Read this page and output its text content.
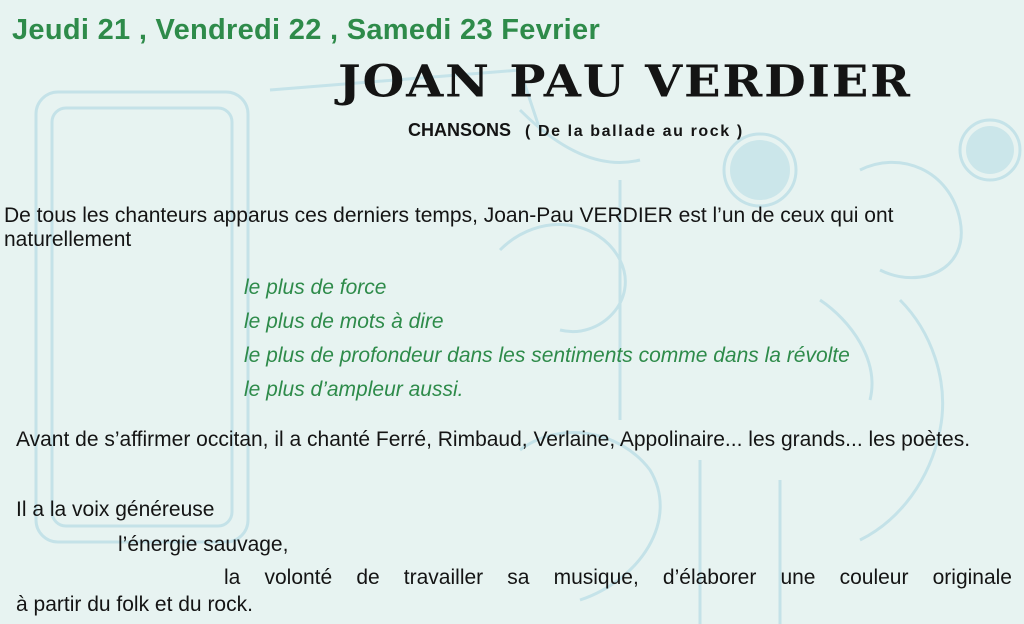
Jeudi 21 , Vendredi 22 , Samedi 23 Fevrier
JOAN PAU VERDIER
CHANSONS ( De la ballade au rock )
De tous les chanteurs apparus ces derniers temps, Joan-Pau VERDIER est l’un de ceux qui ont naturellement
le plus de force
le plus de mots à dire
le plus de profondeur dans les sentiments comme dans la révolte
le plus d’ampleur aussi.
Avant de s’affirmer occitan, il a chanté Ferré, Rimbaud, Verlaine, Appolinaire... les grands... les poètes.
Il a la voix généreuse
l’énergie sauvage,
la volonté de travailler sa musique, d’élaborer une couleur originale
à partir du folk et du rock.
